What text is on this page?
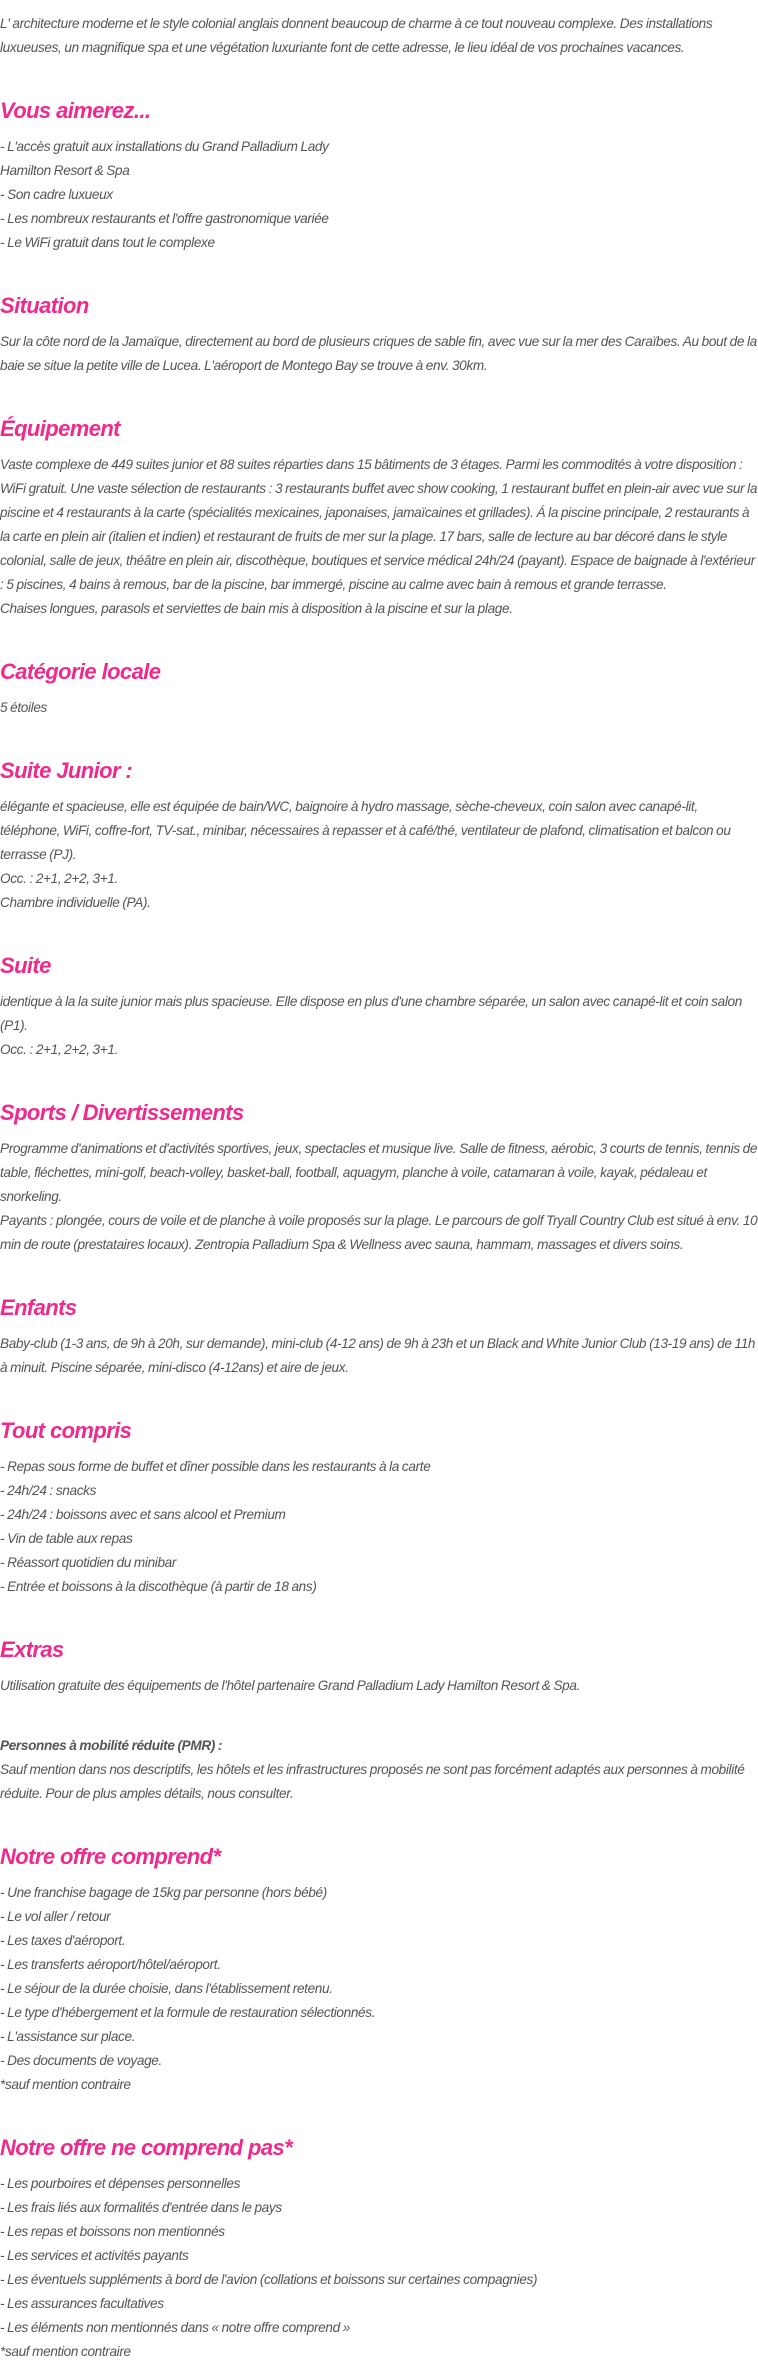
L' architecture moderne et le style colonial anglais donnent beaucoup de charme à ce tout nouveau complexe. Des installations luxueuses, un magnifique spa et une végétation luxuriante font de cette adresse, le lieu idéal de vos prochaines vacances.

Vous aimerez...
- L'accès gratuit aux installations du Grand Palladium Lady
Hamilton Resort & Spa
- Son cadre luxueux
- Les nombreux restaurants et l'offre gastronomique variée
- Le WiFi gratuit dans tout le complexe
Situation

Sur la côte nord de la Jamaïque, directement au bord de plusieurs criques de sable fin, avec vue sur la mer des Caraïbes. Au bout de la baie se situe la petite ville de Lucea. L'aéroport de Montego Bay se trouve à env. 30km.

Équipement

Vaste complexe de 449 suites junior et 88 suites réparties dans 15 bâtiments de 3 étages. Parmi les commodités à votre disposition : WiFi gratuit. Une vaste sélection de restaurants : 3 restaurants buffet avec show cooking, 1 restaurant buffet en plein-air avec vue sur la piscine et 4 restaurants à la carte (spécialités mexicaines, japonaises, jamaïcaines et grillades). Á la piscine principale, 2 restaurants à la carte en plein air (italien et indien) et restaurant de fruits de mer sur la plage. 17 bars, salle de lecture au bar décoré dans le style colonial, salle de jeux, théâtre en plein air, discothèque, boutiques et service médical 24h/24 (payant). Espace de baignade à l'extérieur : 5 piscines, 4 bains à remous, bar de la piscine, bar immergé, piscine au calme avec bain à remous et grande terrasse.

Chaises longues, parasols et serviettes de bain mis à disposition à la piscine et sur la plage.

Catégorie locale

5 étoiles

Suite Junior :

élégante et spacieuse, elle est équipée de bain/WC, baignoire à hydro massage, sèche-cheveux, coin salon avec canapé-lit, téléphone, WiFi, coffre-fort, TV-sat., minibar, nécessaires à repasser et à café/thé, ventilateur de plafond, climatisation et balcon ou terrasse (PJ).

Occ. : 2+1, 2+2, 3+1.

Chambre individuelle (PA).

Suite

identique à la la suite junior mais plus spacieuse. Elle dispose en plus d'une chambre séparée, un salon avec canapé-lit et coin salon (P1).

Occ. : 2+1, 2+2, 3+1.

Sports / Divertissements

Programme d'animations et d'activités sportives, jeux, spectacles et musique live. Salle de fitness, aérobic, 3 courts de tennis, tennis de table, fléchettes, mini-golf, beach-volley, basket-ball, football, aquagym, planche à voile, catamaran à voile, kayak, pédaleau et snorkeling.

Payants : plongée, cours de voile et de planche à voile proposés sur la plage. Le parcours de golf Tryall Country Club est situé à env. 10 min de route (prestataires locaux). Zentropia Palladium Spa & Wellness avec sauna, hammam, massages et divers soins.

Enfants

Baby-club (1-3 ans, de 9h à 20h, sur demande), mini-club (4-12 ans) de 9h à 23h et un Black and White Junior Club (13-19 ans) de 11h à minuit. Piscine séparée, mini-disco (4-12ans) et aire de jeux.

Tout compris
- Repas sous forme de buffet et dîner possible dans les restaurants à la carte
- 24h/24 : snacks
- 24h/24 : boissons avec et sans alcool et Premium
- Vin de table aux repas
- Réassort quotidien du minibar
- Entrée et boissons à la discothèque (à partir de 18 ans)
Extras

Utilisation gratuite des équipements de l'hôtel partenaire Grand Palladium Lady Hamilton Resort & Spa.

Personnes à mobilité réduite (PMR) :

Sauf mention dans nos descriptifs, les hôtels et les infrastructures proposés ne sont pas forcément adaptés aux personnes à mobilité réduite. Pour de plus amples détails, nous consulter.

Notre offre comprend*
- Une franchise bagage de 15kg par personne (hors bébé)
- Le vol aller / retour
- Les taxes d'aéroport.
- Les transferts aéroport/hôtel/aéroport.
- Le séjour de la durée choisie, dans l'établissement retenu.
- Le type d'hébergement et la formule de restauration sélectionnés.
- L'assistance sur place.
- Des documents de voyage.
*sauf mention contraire
Notre offre ne comprend pas*
- Les pourboires et dépenses personnelles
- Les frais liés aux formalités d'entrée dans le pays
- Les repas et boissons non mentionnés
- Les services et activités payants
- Les éventuels suppléments à bord de l'avion (collations et boissons sur certaines compagnies)
- Les assurances facultatives
- Les éléments non mentionnés dans « notre offre comprend »
*sauf mention contraire
